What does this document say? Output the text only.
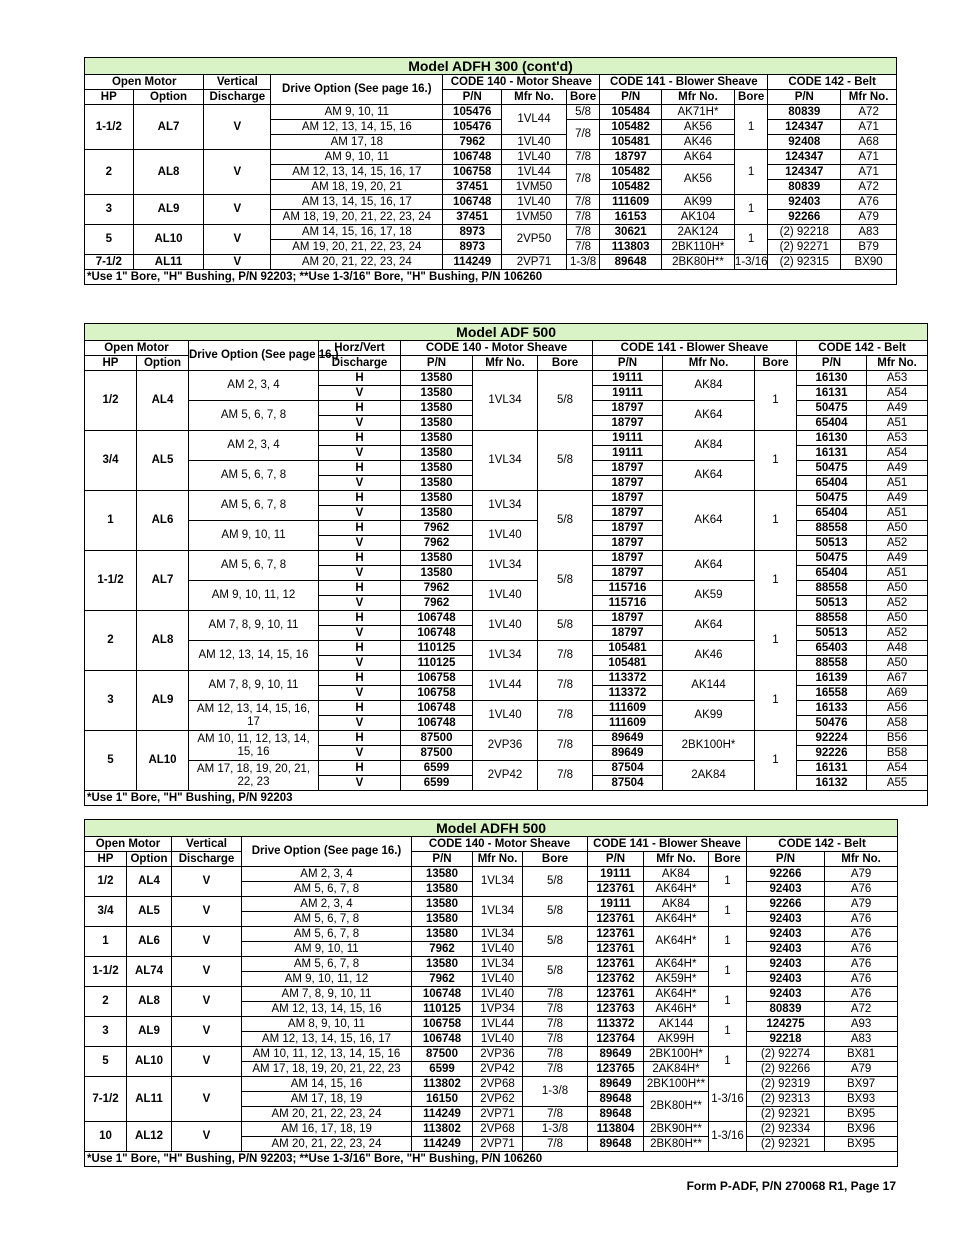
Model ADFH 300 (cont'd)											
Open Motor		Vertical	Drive Option (See page 16.)	CODE 140 - Motor Sheave			CODE 141 - Blower Sheave			CODE 142 - Belt	
HP	Option	Discharge		P/N	Mfr No.	Bore	P/N	Mfr No.	Bore	P/N	Mfr No.
1-1/2	AL7	V	AM 9, 10, 11	105476	1VL44	5/8	105484	AK71H*	1	80839	A72
			AM 12, 13, 14, 15, 16	105476		7/8	105482	AK56		124347	A71
			AM 17, 18	7962	1VL40		105481	AK46		92408	A68
2	AL8	V	AM 9, 10, 11	106748	1VL40	7/8	18797	AK64	1	124347	A71
			AM 12, 13, 14, 15, 16, 17	106758	1VL44	7/8	105482	AK56		124347	A71
			AM 18, 19, 20, 21	37451	1VM50		105482			80839	A72
3	AL9	V	AM 13, 14, 15, 16, 17	106748	1VL40	7/8	111609	AK99	1	92403	A76
			AM 18, 19, 20, 21, 22, 23, 24	37451	1VM50	7/8	16153	AK104		92266	A79
5	AL10	V	AM 14, 15, 16, 17, 18	8973	2VP50	7/8	30621	2AK124	1	(2) 92218	A83
			AM 19, 20, 21, 22, 23, 24	8973		7/8	113803	2BK110H*		(2) 92271	B79
7-1/2	AL11	V	AM 20, 21, 22, 23, 24	114249	2VP71	1-3/8	89648	2BK80H**	1-3/16	(2) 92315	BX90
*Use 1" Bore, "H" Bushing, P/N 92203; **Use 1-3/16" Bore, "H" Bushing, P/N 106260											
Model ADF 500											
Open Motor		Drive Option (See page 16.)	Horz/Vert	CODE 140 - Motor Sheave			CODE 141 - Blower Sheave			CODE 142 - Belt	
HP	Option		Discharge	P/N	Mfr No.	Bore	P/N	Mfr No.	Bore	P/N	Mfr No.
1/2	AL4	AM 2, 3, 4	H	13580	1VL34	5/8	19111	AK84	1	16130	A53
			V	13580			19111			16131	A54
		AM 5, 6, 7, 8	H	13580			18797	AK64		50475	A49
			V	13580			18797			65404	A51
3/4	AL5	AM 2, 3, 4	H	13580	1VL34	5/8	19111	AK84	1	16130	A53
			V	13580			19111			16131	A54
		AM 5, 6, 7, 8	H	13580			18797	AK64		50475	A49
			V	13580			18797			65404	A51
1	AL6	AM 5, 6, 7, 8	H	13580	1VL34	5/8	18797	AK64	1	50475	A49
			V	13580			18797			65404	A51
		AM 9, 10, 11	H	7962	1VL40		18797			88558	A50
			V	7962			18797			50513	A52
1-1/2	AL7	AM 5, 6, 7, 8	H	13580	1VL34	5/8	18797	AK64	1	50475	A49
			V	13580			18797			65404	A51
		AM 9, 10, 11, 12	H	7962	1VL40		115716	AK59		88558	A50
			V	7962			115716			50513	A52
2	AL8	AM 7, 8, 9, 10, 11	H	106748	1VL40	5/8	18797	AK64	1	88558	A50
			V	106748			18797			50513	A52
		AM 12, 13, 14, 15, 16	H	110125	1VL34	7/8	105481	AK46		65403	A48
			V	110125			105481			88558	A50
3	AL9	AM 7, 8, 9, 10, 11	H	106758	1VL44	7/8	113372	AK144	1	16139	A67
			V	106758			113372			16558	A69
		AM 12, 13, 14, 15, 16, 17	H	106748	1VL40	7/8	111609	AK99		16133	A56
			V	106748			111609			50476	A58
5	AL10	AM 10, 11, 12, 13, 14, 15, 16	H	87500	2VP36	7/8	89649	2BK100H*	1	92224	B56
			V	87500			89649			92226	B58
		AM 17, 18, 19, 20, 21, 22, 23	H	6599	2VP42	7/8	87504	2AK84		16131	A54
			V	6599			87504			16132	A55
*Use 1" Bore, "H" Bushing, P/N 92203											
Model ADFH 500											
Open Motor		Vertical	Drive Option (See page 16.)	CODE 140 - Motor Sheave			CODE 141 - Blower Sheave			CODE 142 - Belt	
HP	Option	Discharge		P/N	Mfr No.	Bore	P/N	Mfr No.	Bore	P/N	Mfr No.
1/2	AL4	V	AM 2, 3, 4	13580	1VL34	5/8	19111	AK84	1	92266	A79
			AM 5, 6, 7, 8	13580			123761	AK64H*		92403	A76
3/4	AL5	V	AM 2, 3, 4	13580	1VL34	5/8	19111	AK84	1	92266	A79
			AM 5, 6, 7, 8	13580			123761	AK64H*		92403	A76
1	AL6	V	AM 5, 6, 7, 8	13580	1VL34	5/8	123761	AK64H*	1	92403	A76
			AM 9, 10, 11	7962	1VL40		123761			92403	A76
1-1/2	AL74	V	AM 5, 6, 7, 8	13580	1VL34	5/8	123761	AK64H*	1	92403	A76
			AM 9, 10, 11, 12	7962	1VL40		123762	AK59H*		92403	A76
2	AL8	V	AM 7, 8, 9, 10, 11	106748	1VL40	7/8	123761	AK64H*	1	92403	A76
			AM 12, 13, 14, 15, 16	110125	1VP34	7/8	123763	AK46H*		80839	A72
3	AL9	V	AM 8, 9, 10, 11	106758	1VL44	7/8	113372	AK144	1	124275	A93
			AM 12, 13, 14, 15, 16, 17	106748	1VL40	7/8	123764	AK99H		92218	A83
5	AL10	V	AM 10, 11, 12, 13, 14, 15, 16	87500	2VP36	7/8	89649	2BK100H*	1	(2) 92274	BX81
			AM 17, 18, 19, 20, 21, 22, 23	6599	2VP42	7/8	123765	2AK84H*		(2) 92266	A79
7-1/2	AL11	V	AM 14, 15, 16	113802	2VP68	1-3/8	89649	2BK100H**	1-3/16	(2) 92319	BX97
			AM 17, 18, 19	16150	2VP62		89648	2BK80H**		(2) 92313	BX93
			AM 20, 21, 22, 23, 24	114249	2VP71	7/8	89648			(2) 92321	BX95
10	AL12	V	AM 16, 17, 18, 19	113802	2VP68	1-3/8	113804	2BK90H**	1-3/16	(2) 92334	BX96
			AM 20, 21, 22, 23, 24	114249	2VP71	7/8	89648	2BK80H**		(2) 92321	BX95
*Use 1" Bore, "H" Bushing, P/N 92203; **Use 1-3/16" Bore, "H" Bushing, P/N 106260											
Form P-ADF, P/N 270068 R1, Page 17
